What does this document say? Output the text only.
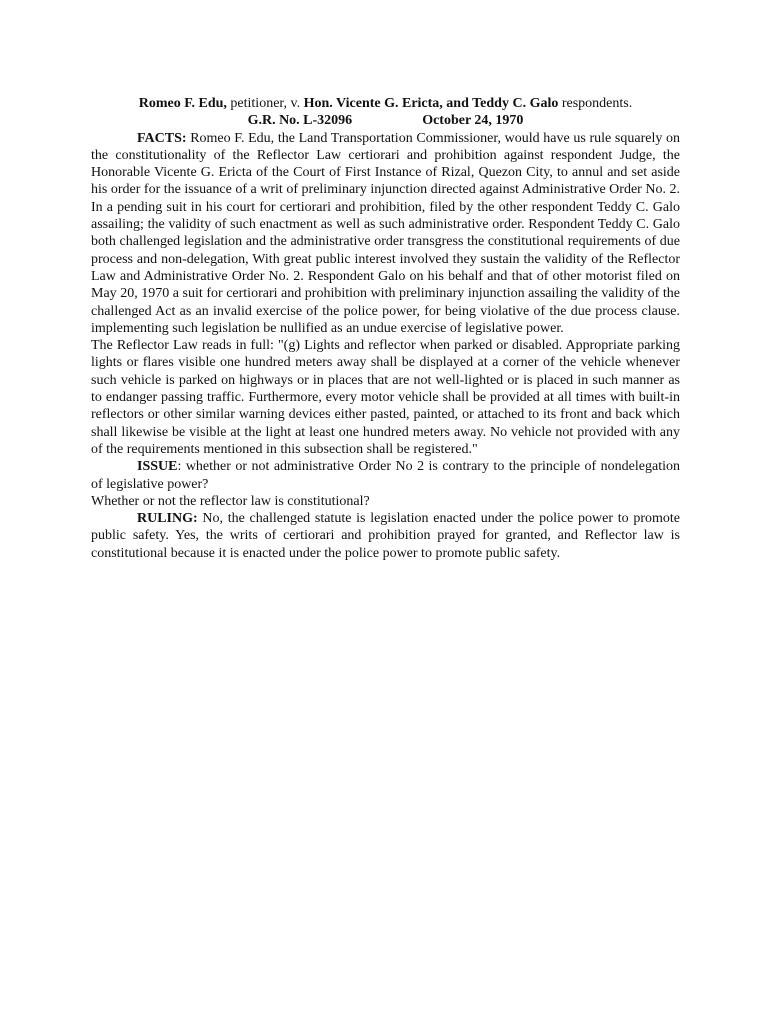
Romeo F. Edu, petitioner, v. Hon. Vicente G. Ericta, and Teddy C. Galo respondents.
G.R. No. L-32096	October 24, 1970

FACTS: Romeo F. Edu, the Land Transportation Commissioner, would have us rule squarely on the constitutionality of the Reflector Law certiorari and prohibition against respondent Judge, the Honorable Vicente G. Ericta of the Court of First Instance of Rizal, Quezon City, to annul and set aside his order for the issuance of a writ of preliminary injunction directed against Administrative Order No. 2. In a pending suit in his court for certiorari and prohibition, filed by the other respondent Teddy C. Galo assailing; the validity of such enactment as well as such administrative order. Respondent Teddy C. Galo both challenged legislation and the administrative order transgress the constitutional requirements of due process and non-delegation, With great public interest involved they sustain the validity of the Reflector Law and Administrative Order No. 2. Respondent Galo on his behalf and that of other motorist filed on May 20, 1970 a suit for certiorari and prohibition with preliminary injunction assailing the validity of the challenged Act as an invalid exercise of the police power, for being violative of the due process clause. implementing such legislation be nullified as an undue exercise of legislative power.

The Reflector Law reads in full: "(g) Lights and reflector when parked or disabled. Appropriate parking lights or flares visible one hundred meters away shall be displayed at a corner of the vehicle whenever such vehicle is parked on highways or in places that are not well-lighted or is placed in such manner as to endanger passing traffic. Furthermore, every motor vehicle shall be provided at all times with built-in reflectors or other similar warning devices either pasted, painted, or attached to its front and back which shall likewise be visible at the light at least one hundred meters away. No vehicle not provided with any of the requirements mentioned in this subsection shall be registered."

ISSUE: whether or not administrative Order No 2 is contrary to the principle of nondelegation of legislative power?

Whether or not the reflector law is constitutional?

RULING: No, the challenged statute is legislation enacted under the police power to promote public safety. Yes, the writs of certiorari and prohibition prayed for granted, and Reflector law is constitutional because it is enacted under the police power to promote public safety.
